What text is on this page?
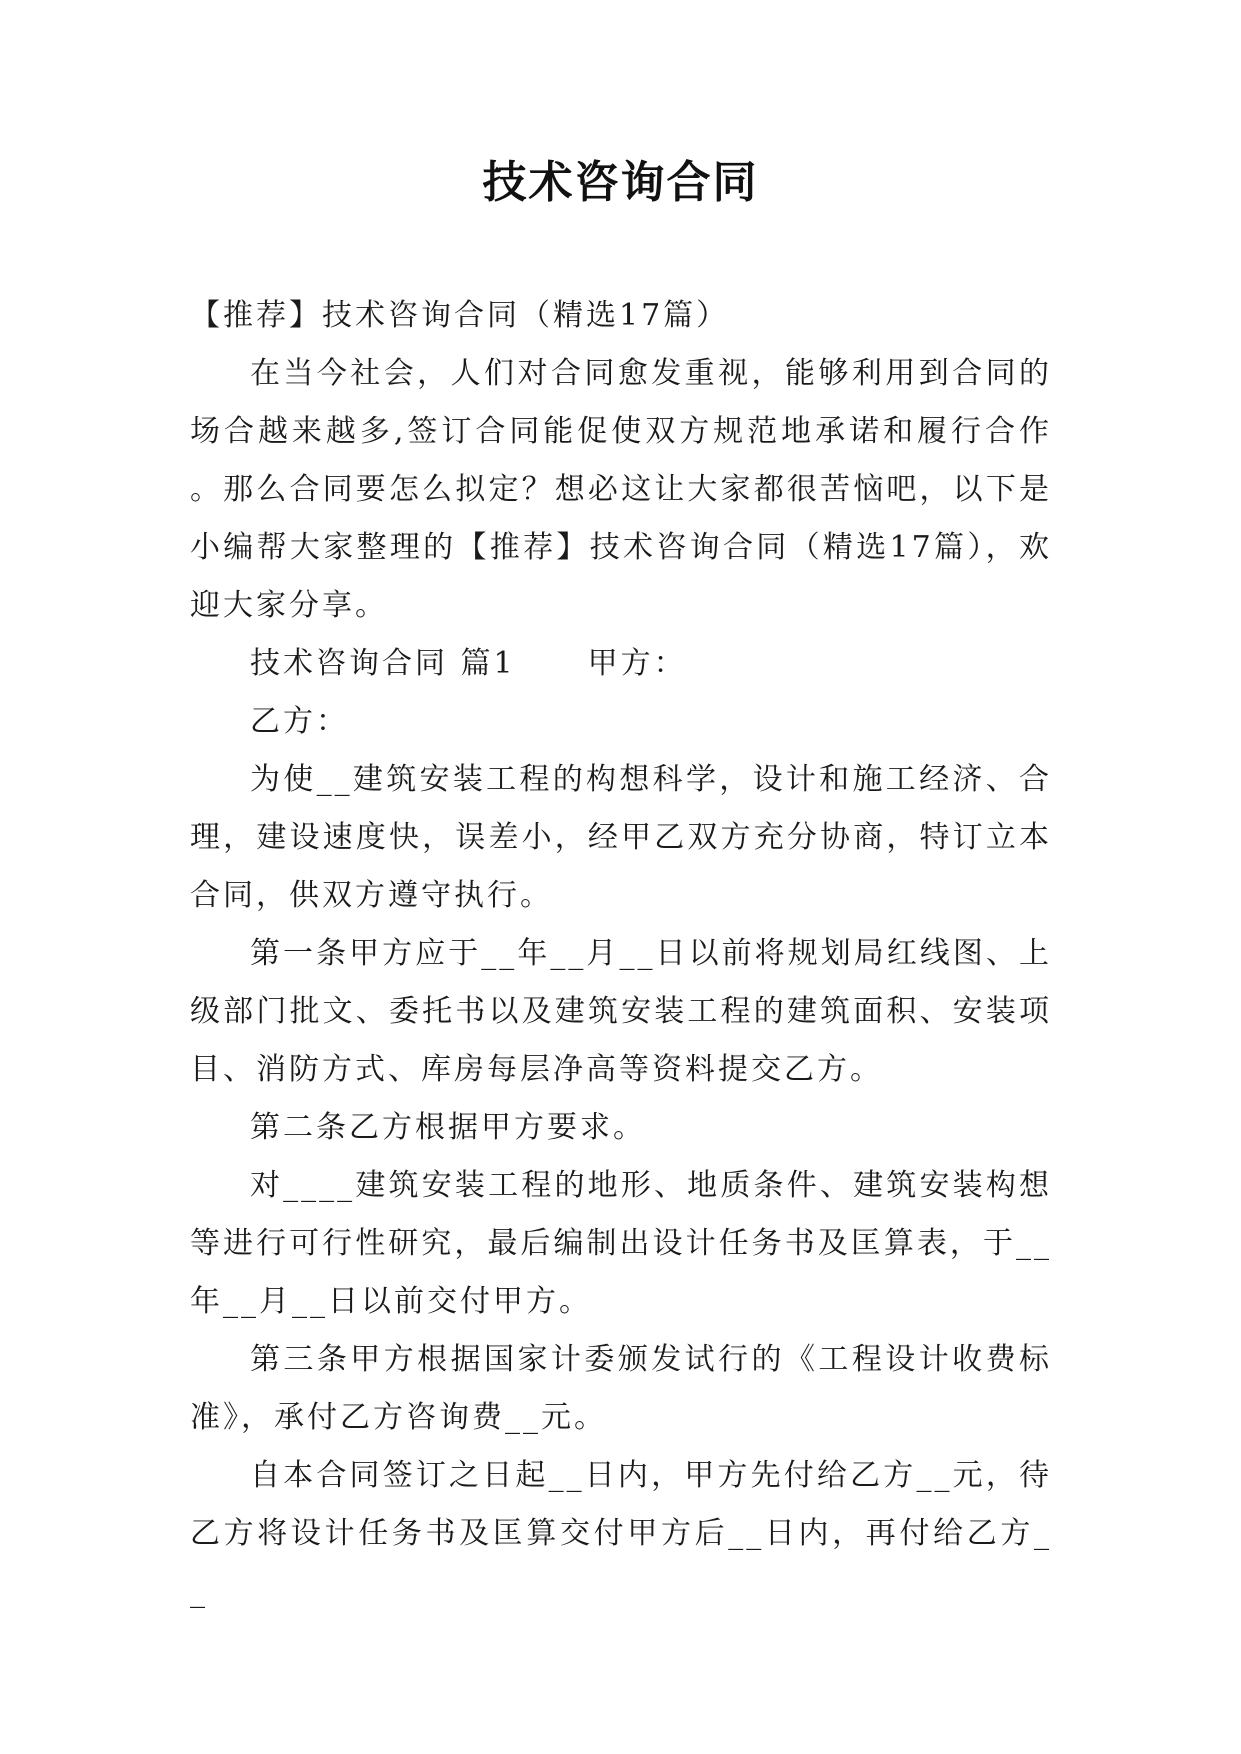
技术咨询合同

【推荐】技术咨询合同（精选17篇）

在当今社会，人们对合同愈发重视，能够利用到合同的场合越来越多,签订合同能促使双方规范地承诺和履行合作。那么合同要怎么拟定？想必这让大家都很苦恼吧，以下是小编帮大家整理的【推荐】技术咨询合同（精选17篇），欢迎大家分享。

技术咨询合同 篇1 甲方：

乙方：

为使__建筑安装工程的构想科学，设计和施工经济、合理，建设速度快，误差小，经甲乙双方充分协商，特订立本合同，供双方遵守执行。

第一条甲方应于__年__月__日以前将规划局红线图、上级部门批文、委托书以及建筑安装工程的建筑面积、安装项目、消防方式、库房每层净高等资料提交乙方。

第二条乙方根据甲方要求。

对____建筑安装工程的地形、地质条件、建筑安装构想等进行可行性研究，最后编制出设计任务书及匡算表，于__年__月__日以前交付甲方。

第三条甲方根据国家计委颁发试行的《工程设计收费标准》，承付乙方咨询费__元。

自本合同签订之日起__日内，甲方先付给乙方__元，待乙方将设计任务书及匡算交付甲方后__日内，再付给乙方__
